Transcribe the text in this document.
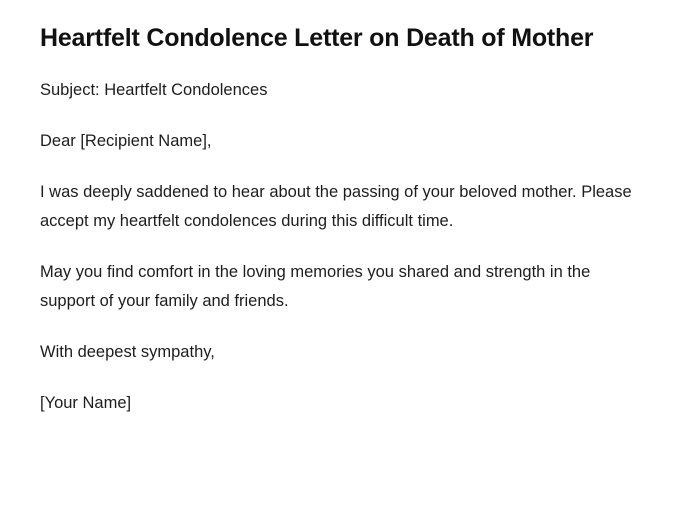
Heartfelt Condolence Letter on Death of Mother

Subject: Heartfelt Condolences

Dear [Recipient Name],

I was deeply saddened to hear about the passing of your beloved mother. Please accept my heartfelt condolences during this difficult time.

May you find comfort in the loving memories you shared and strength in the support of your family and friends.

With deepest sympathy,

[Your Name]
